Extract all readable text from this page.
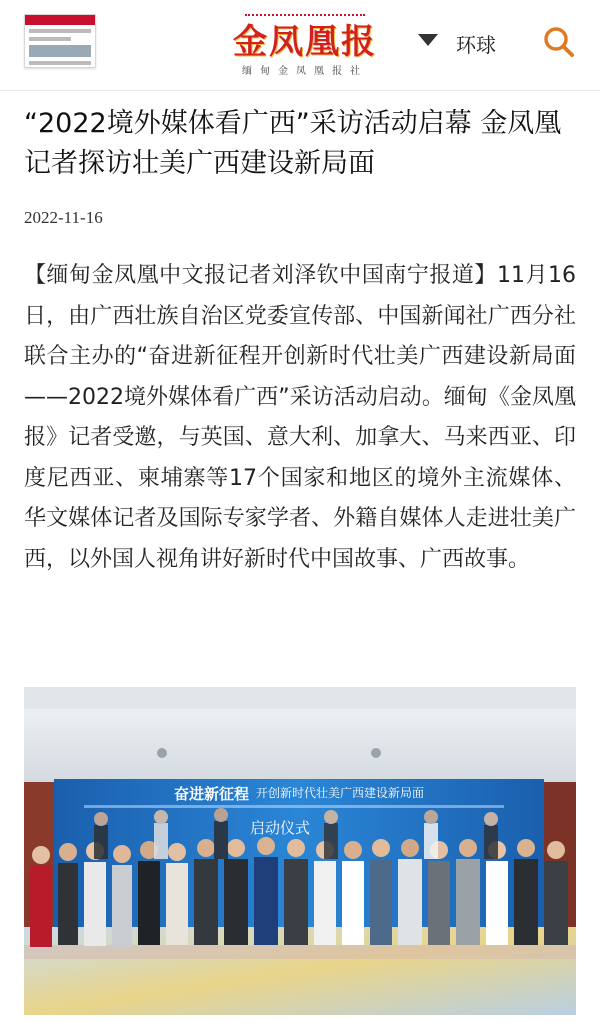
金凤凰报
缅甸金凤凰报社
环球
“2022境外媒体看广西”采访活动启幕 金凤凰记者探访壮美广西建设新局面
2022-11-16

【缅甸金凤凰中文报记者刘泽钦中国南宁报道】11月16日，由广西壮族自治区党委宣传部、中国新闻社广西分社联合主办的“奋进新征程开创新时代壮美广西建设新局面——2022境外媒体看广西”采访活动启动。缅甸《金凤凰报》记者受邀，与英国、意大利、加拿大、马来西亚、印度尼西亚、柬埔寨等17个国家和地区的境外主流媒体、华文媒体记者及国际专家学者、外籍自媒体人走进壮美广西，以外国人视角讲好新时代中国故事、广西故事。

奋进新征程 开创新时代壮美广西建设新局面
启动仪式
